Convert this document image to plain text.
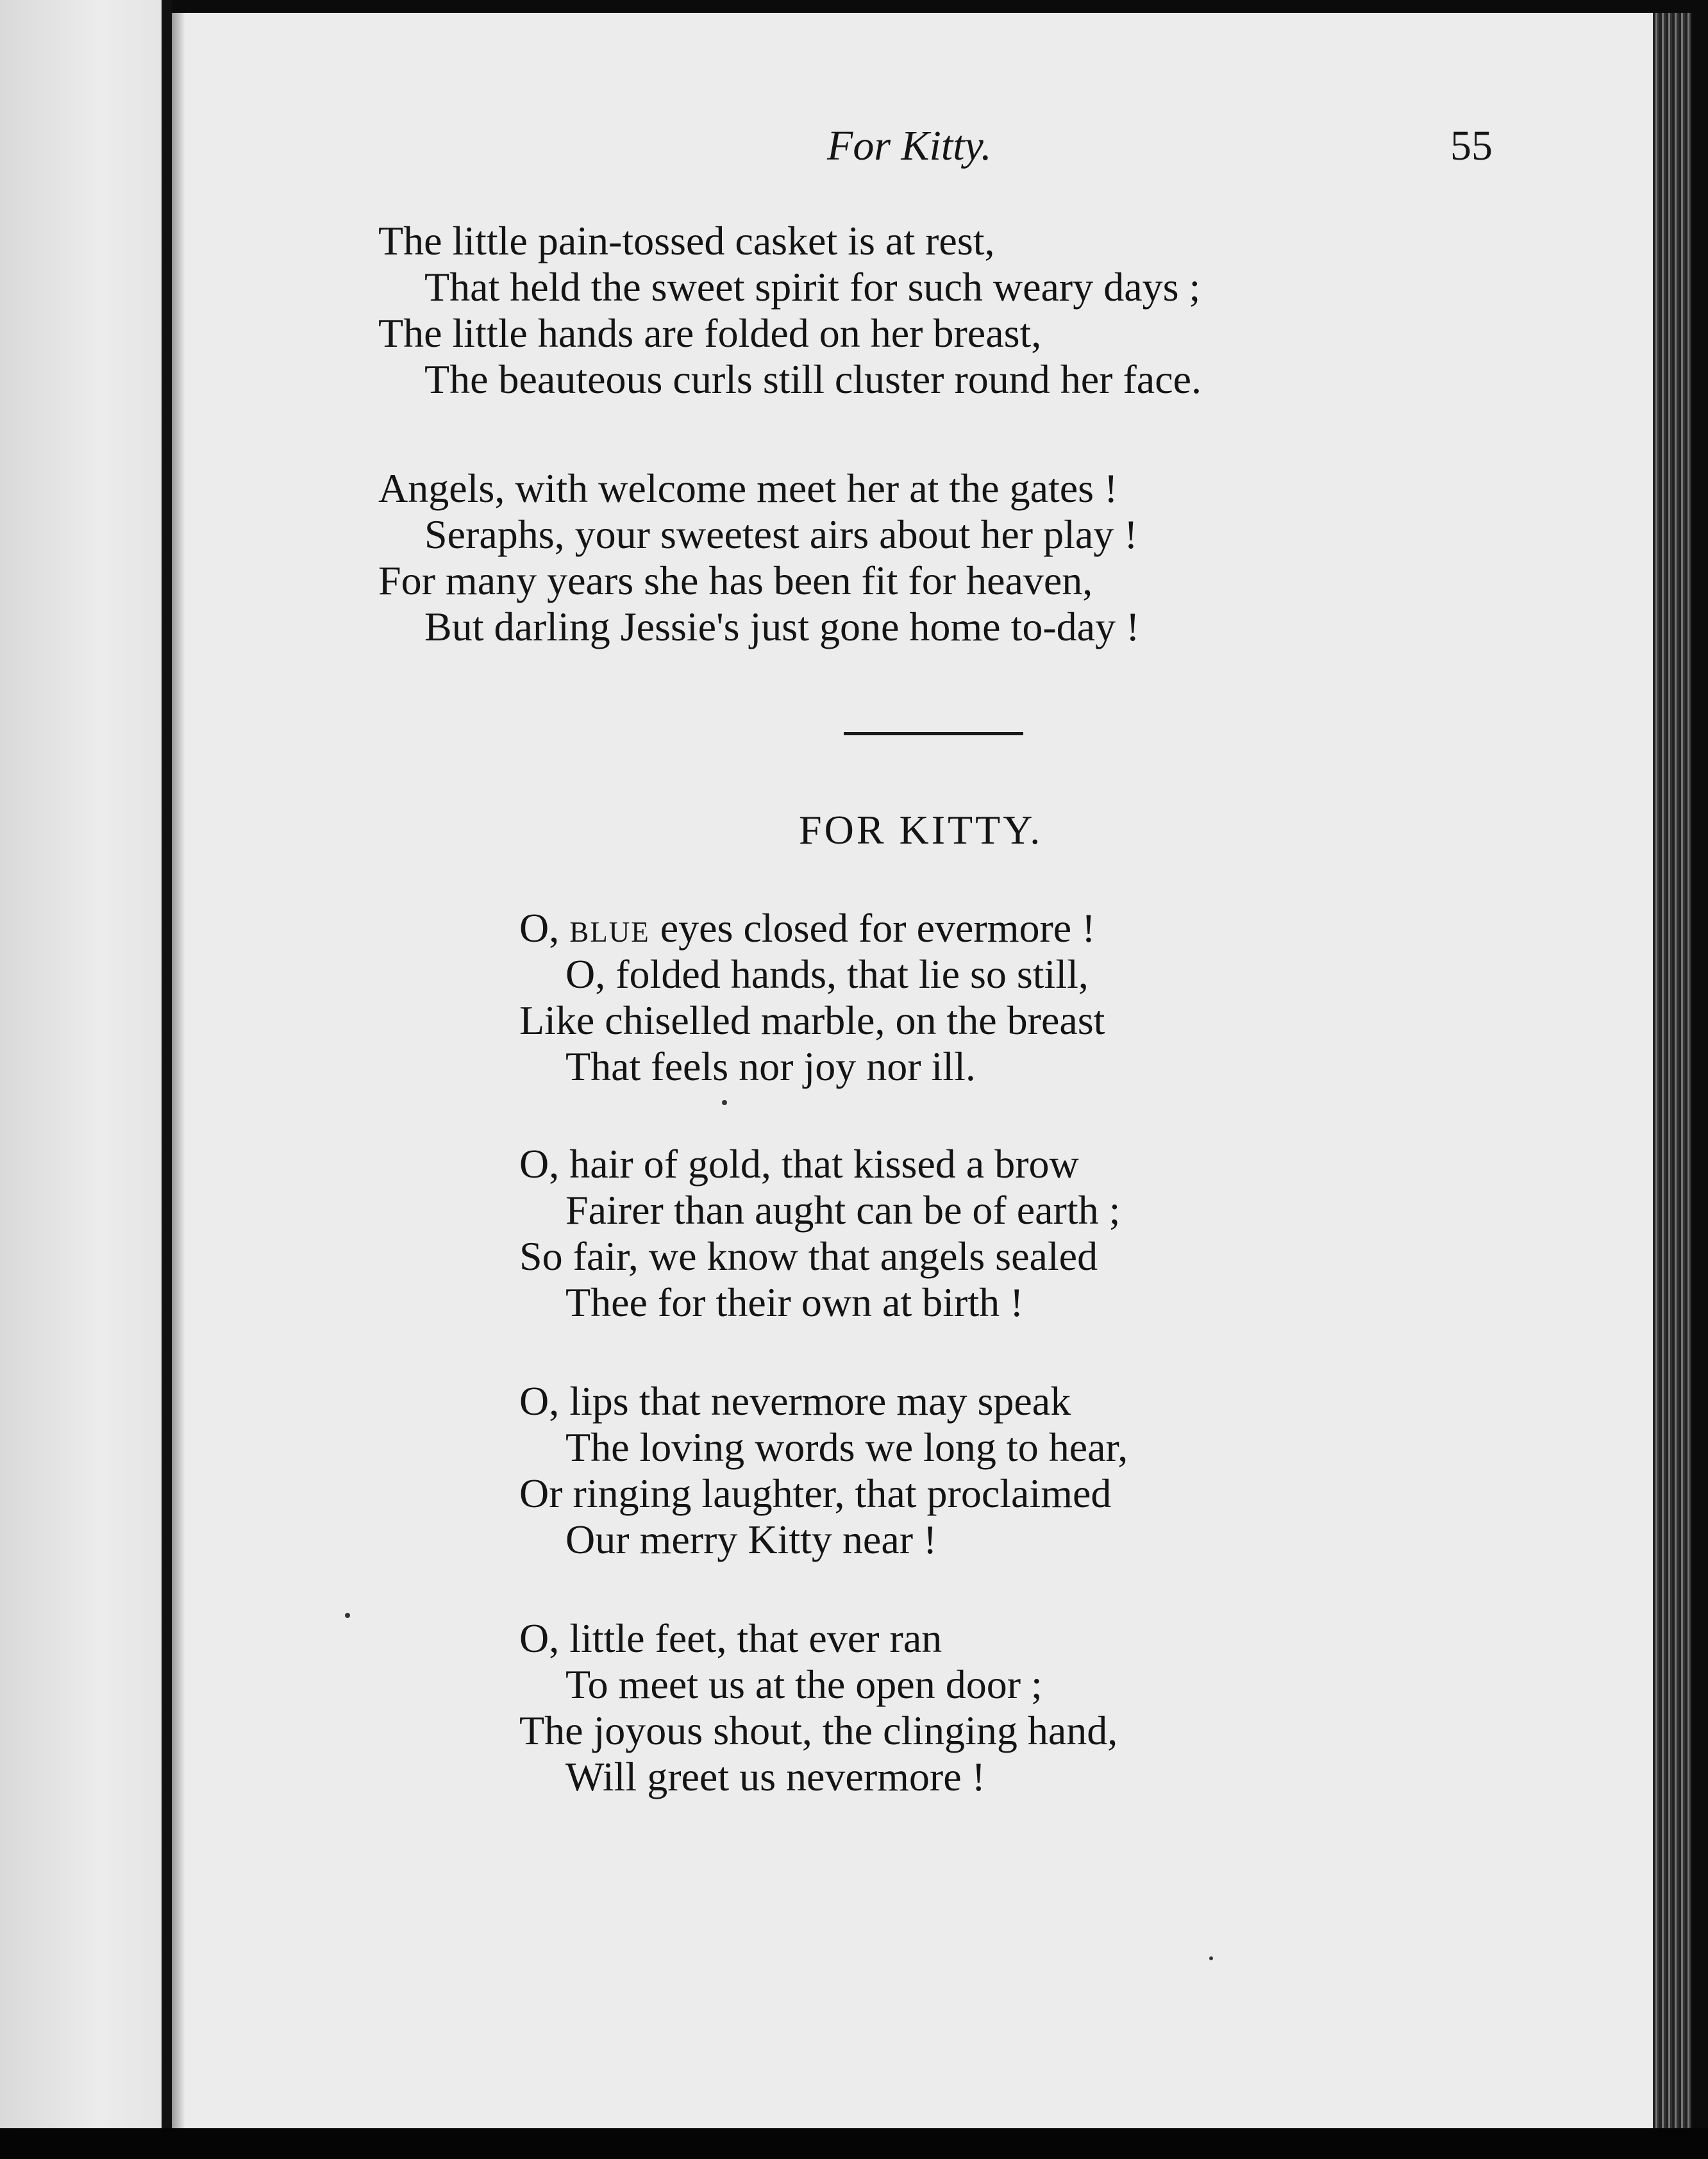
For Kitty.	55
The little pain-tossed casket is at rest,
That held the sweet spirit for such weary days ;
The little hands are folded on her breast,
The beauteous curls still cluster round her face.
Angels, with welcome meet her at the gates !
Seraphs, your sweetest airs about her play !
For many years she has been fit for heaven,
But darling Jessie's just gone home to-day !
FOR KITTY.
O, blue eyes closed for evermore !
O, folded hands, that lie so still,
Like chiselled marble, on the breast
That feels nor joy nor ill.
O, hair of gold, that kissed a brow
Fairer than aught can be of earth ;
So fair, we know that angels sealed
Thee for their own at birth !
O, lips that nevermore may speak
The loving words we long to hear,
Or ringing laughter, that proclaimed
Our merry Kitty near !
O, little feet, that ever ran
To meet us at the open door ;
The joyous shout, the clinging hand,
Will greet us nevermore !
